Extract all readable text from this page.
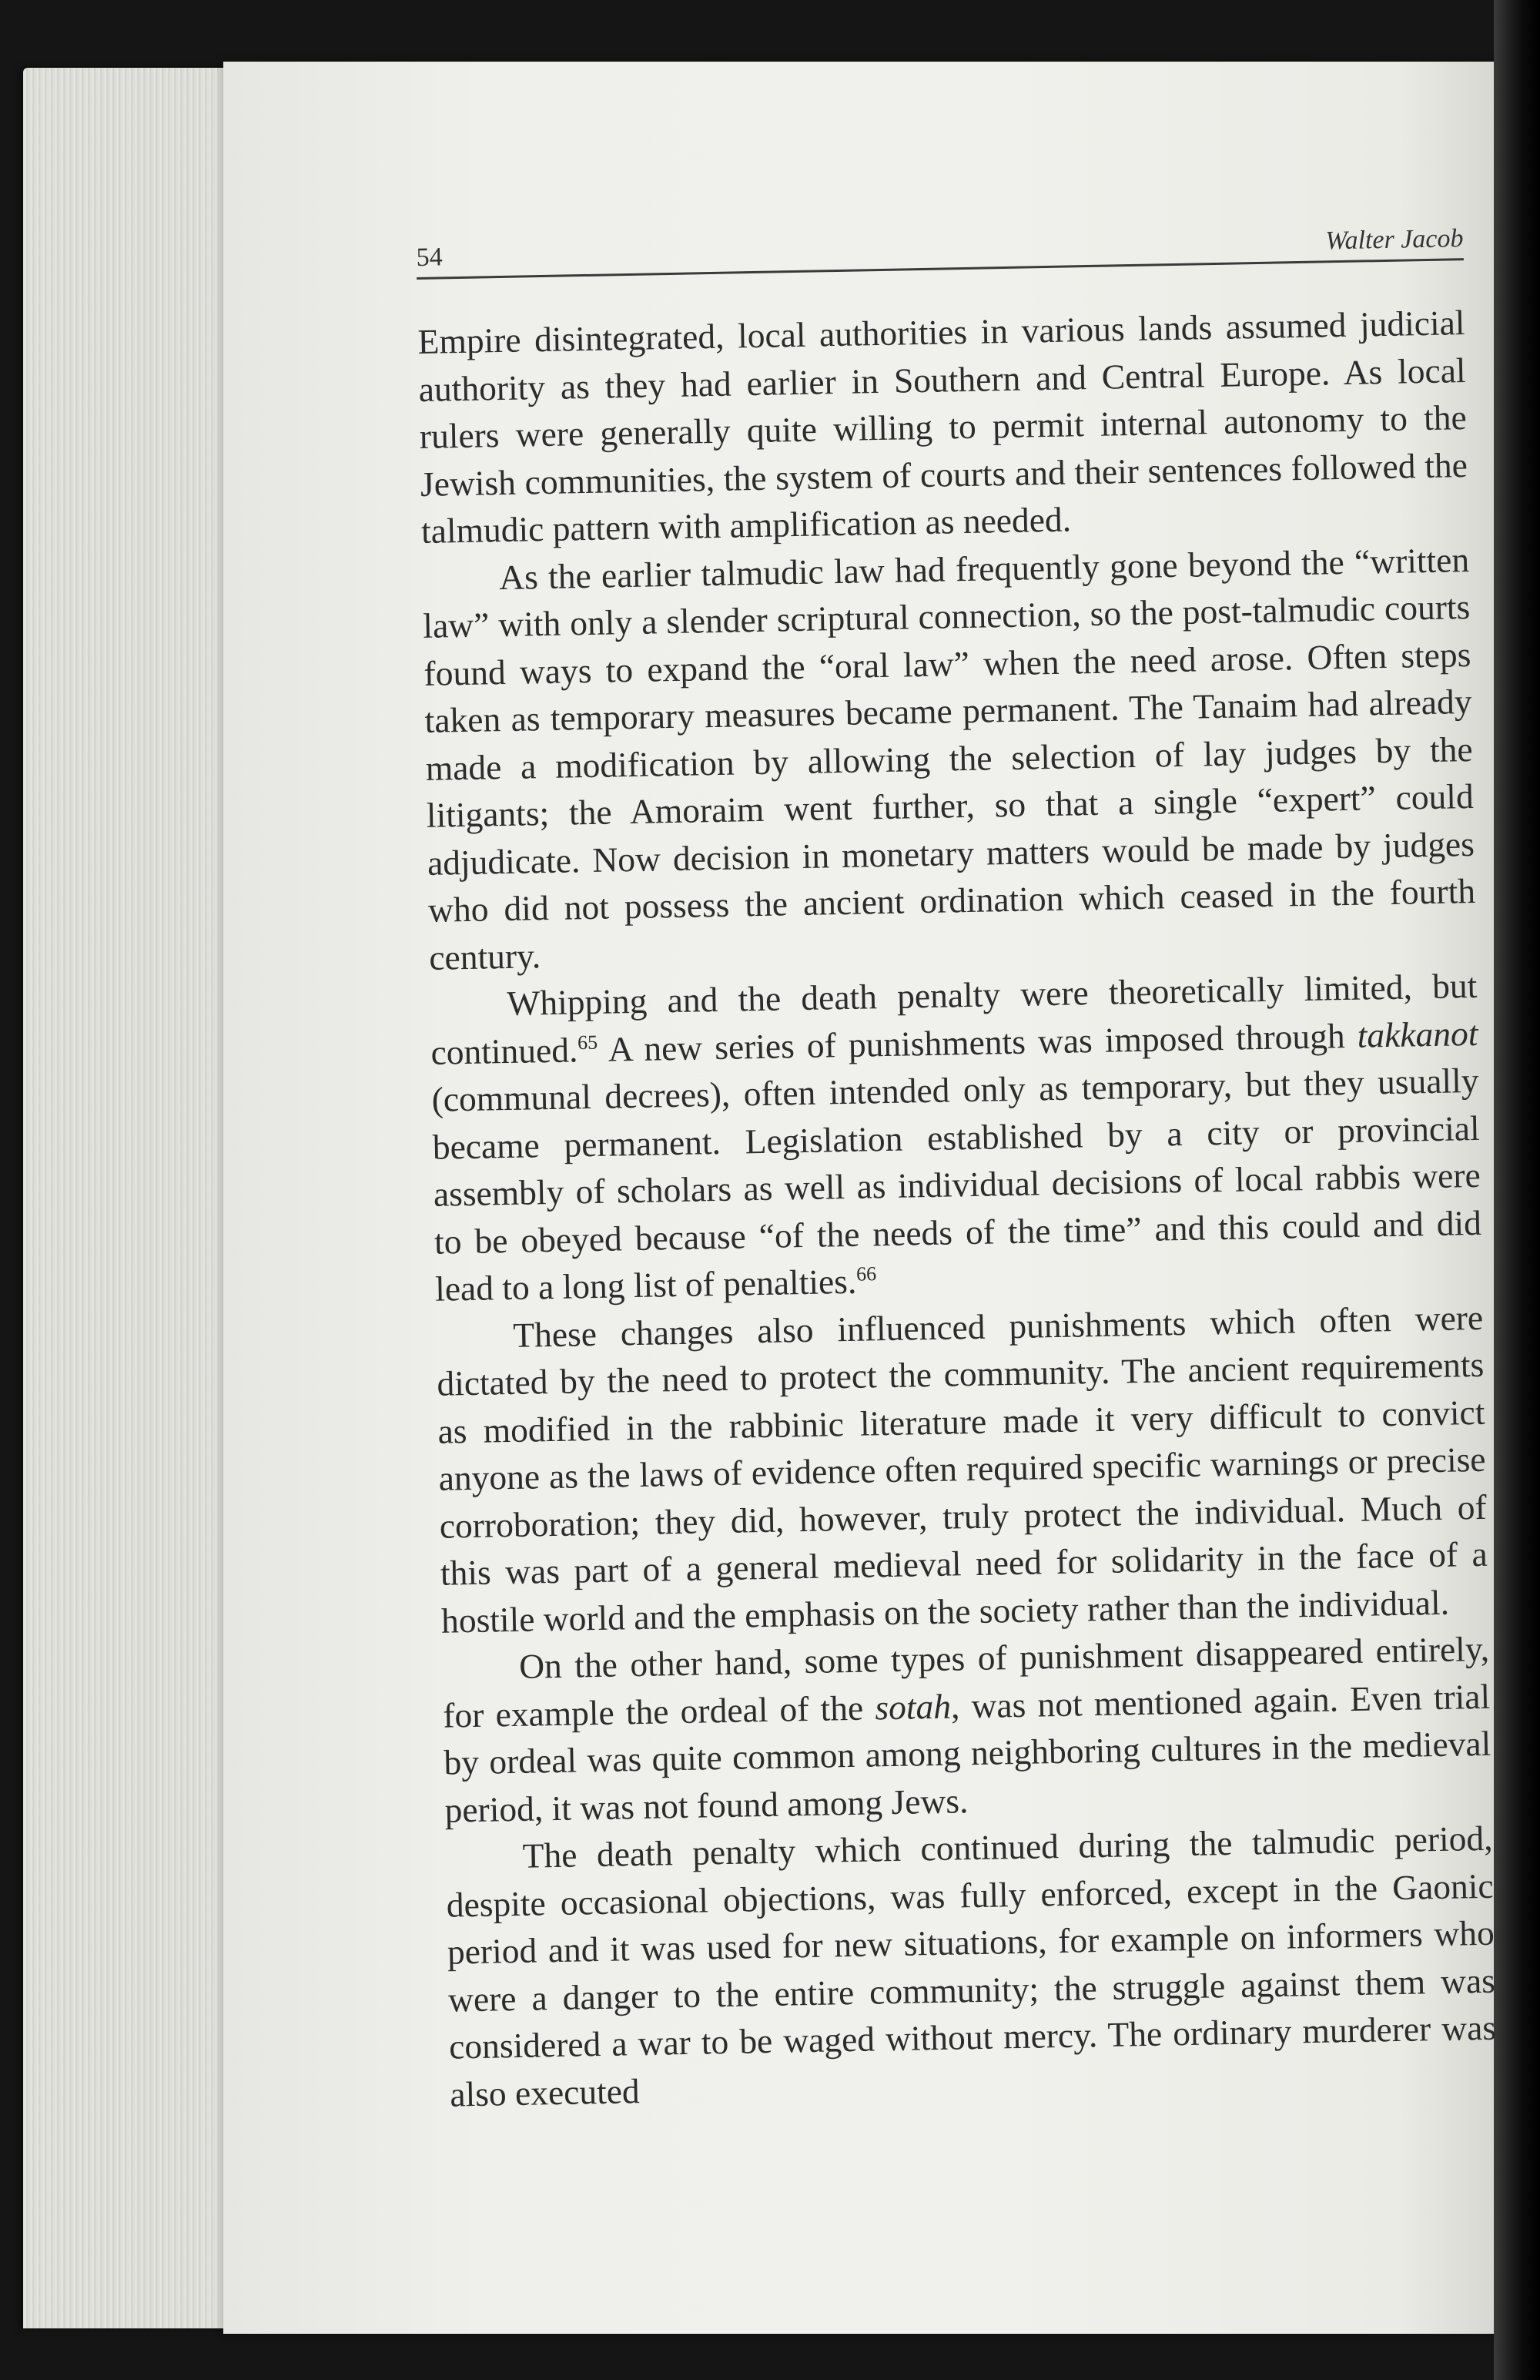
54
Walter Jacob

Empire disintegrated, local authorities in various lands assumed judicial authority as they had earlier in Southern and Central Europe. As local rulers were generally quite willing to permit internal autonomy to the Jewish communities, the system of courts and their sentences followed the talmudic pattern with amplification as needed.

As the earlier talmudic law had frequently gone beyond the “written law” with only a slender scriptural connection, so the post-talmudic courts found ways to expand the “oral law” when the need arose. Often steps taken as temporary measures became permanent. The Tanaim had already made a modification by allowing the selection of lay judges by the litigants; the Amoraim went further, so that a single “expert” could adjudicate. Now decision in monetary matters would be made by judges who did not possess the ancient ordination which ceased in the fourth century.

Whipping and the death penalty were theoretically limited, but continued.$^{65}$ A new series of punishments was imposed through takkanot (communal decrees), often intended only as temporary, but they usually became permanent. Legislation established by a city or provincial assembly of scholars as well as individual decisions of local rabbis were to be obeyed because “of the needs of the time” and this could and did lead to a long list of penalties.$^{66}$

These changes also influenced punishments which often were dictated by the need to protect the community. The ancient requirements as modified in the rabbinic literature made it very difficult to convict anyone as the laws of evidence often required specific warnings or precise corroboration; they did, however, truly protect the individual. Much of this was part of a general medieval need for solidarity in the face of a hostile world and the emphasis on the society rather than the individual.

On the other hand, some types of punishment disappeared entirely, for example the ordeal of the sotah, was not mentioned again. Even trial by ordeal was quite common among neighboring cultures in the medieval period, it was not found among Jews.

The death penalty which continued during the talmudic period, despite occasional objections, was fully enforced, except in the Gaonic period and it was used for new situations, for example on informers who were a danger to the entire community; the struggle against them was considered a war to be waged without mercy. The ordinary murderer was also executed
